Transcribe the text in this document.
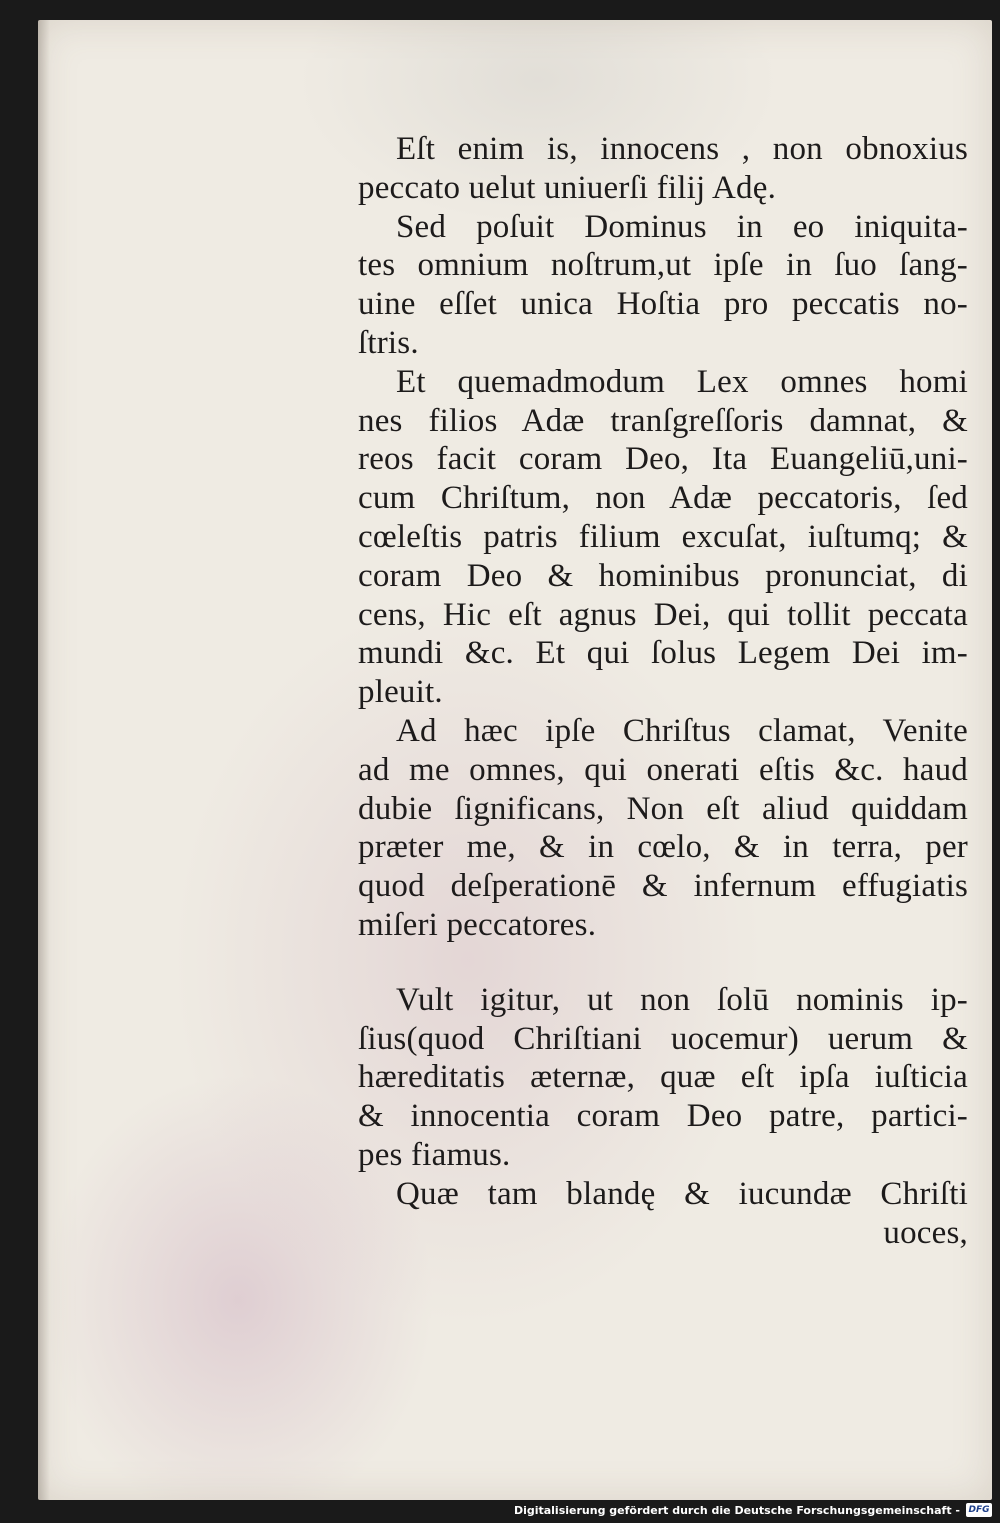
Eſt enim is, innocens , non obnoxius
peccato uelut uniuerſi filij Adę.
Sed poſuit Dominus in eo iniquita-
tes omnium noſtrum,ut ipſe in ſuo ſang-
uine eſſet unica Hoſtia pro peccatis no-
ſtris.
Et quemadmodum Lex omnes homi
nes filios Adæ tranſgreſſoris damnat, &
reos facit coram Deo, Ita Euangeliū,uni-
cum Chriſtum, non Adæ peccatoris, ſed
cœleſtis patris filium excuſat, iuſtumq; &
coram Deo & hominibus pronunciat, di
cens, Hic eſt agnus Dei, qui tollit peccata
mundi &c. Et qui ſolus Legem Dei im-
pleuit.
Ad hæc ipſe Chriſtus clamat, Venite
ad me omnes, qui onerati eſtis &c. haud
dubie ſignificans, Non eſt aliud quiddam
præter me, & in cœlo, & in terra, per
quod deſperationē & infernum effugiatis
miſeri peccatores.
Vult igitur, ut non ſolū nominis ip-
ſius(quod Chriſtiani uocemur) uerum &
hæreditatis æternæ, quæ eſt ipſa iuſticia
& innocentia coram Deo patre, partici-
pes fiamus.
Quæ tam blandę & iucundæ Chriſti
uoces,
Digitalisierung gefördert durch die Deutsche Forschungsgemeinschaft - DFG
